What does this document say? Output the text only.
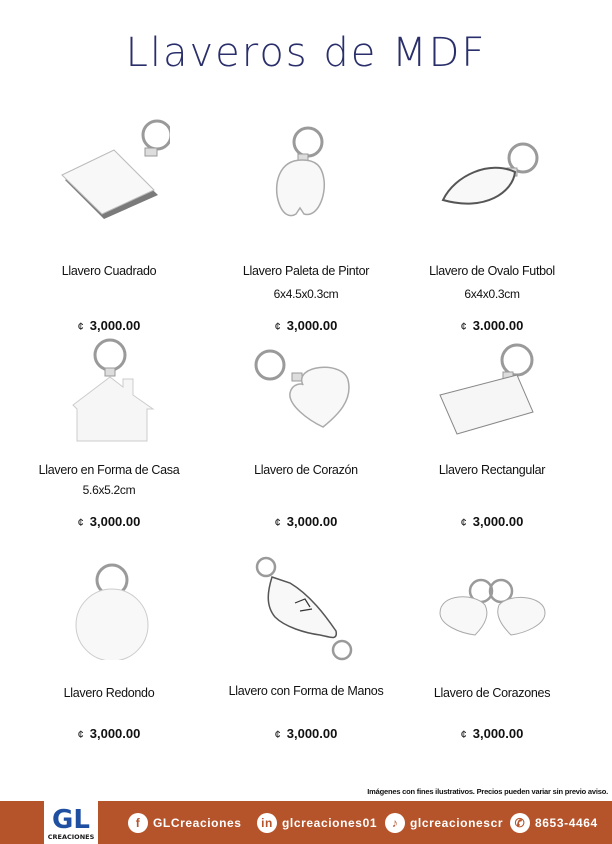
Llaveros de MDF
Llavero Cuadrado
¢ 3,000.00
Llavero Paleta de Pintor
6x4.5x0.3cm
¢ 3,000.00
Llavero de Ovalo Futbol
6x4x0.3cm
¢ 3.000.00
Llavero en Forma de Casa
5.6x5.2cm
¢ 3,000.00
Llavero de Corazón
¢ 3,000.00
Llavero Rectangular
¢ 3,000.00
Llavero Redondo
¢ 3,000.00
Llavero con Forma de Manos
¢ 3,000.00
Llavero de Corazones
¢ 3,000.00
Imágenes con fines ilustrativos. Precios pueden variar sin previo aviso.
GL
CREACIONES
f	GLCreaciones	in glcreaciones01	♪ glcreacionescr ✆ 8653-4464
